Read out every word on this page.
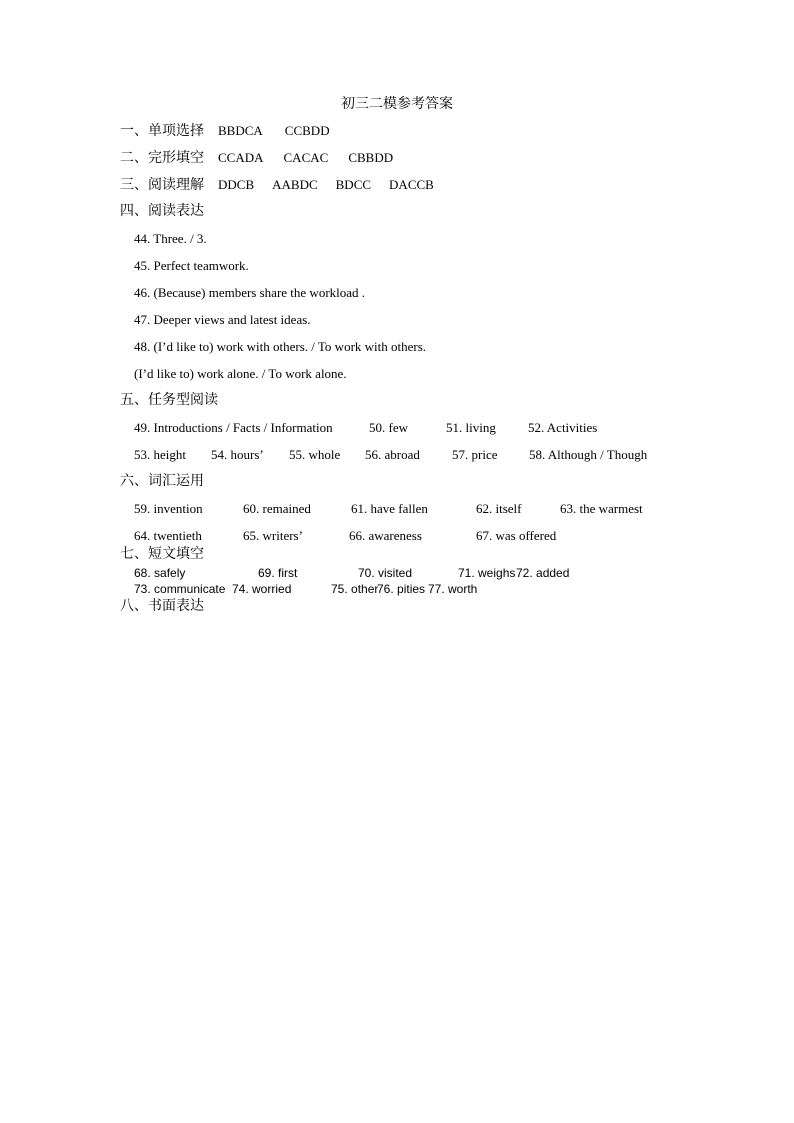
初三二模参考答案
一、单项选择 BBDCA CCBDD
二、完形填空 CCADA CACAC CBBDD
三、阅读理解 DDCB AABDC BDCC DACCB
四、阅读表达
44. Three. / 3.
45. Perfect teamwork.
46. (Because) members share the workload .
47. Deeper views and latest ideas.
48. (I’d like to) work with others. / To work with others.
(I’d like to) work alone. / To work alone.
五、任务型阅读
49. Introductions / Facts / Information	50. few	51. living 52. Activities
53. height 54. hours’ 55. whole 56. abroad 57. price 58. Although / Though
六、词汇运用
59. invention	60. remained	61. have fallen	62. itself	63. the warmest
64. twentieth	65. writers’	66. awareness	67. was offered
七、短文填空
68. safely	69. first	70. visited	71. weighs 72. added
73. communicate 74. worried	75. other
76. pities 77. worth
八、书面表达
